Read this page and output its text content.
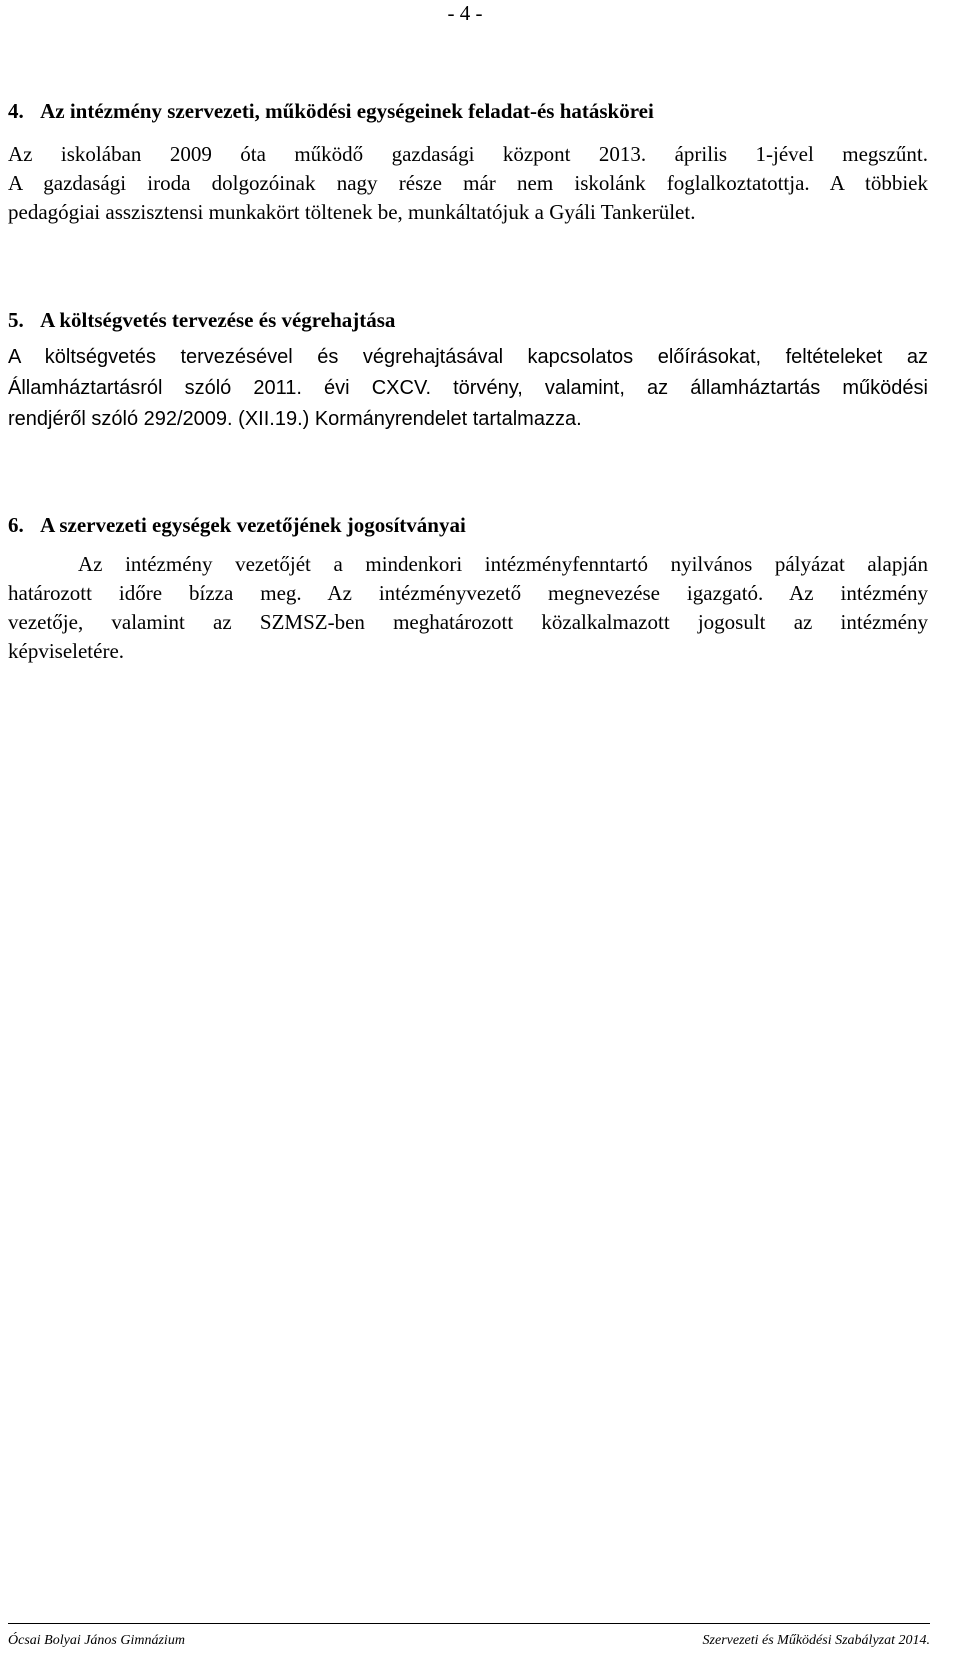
- 4 -
4. Az intézmény szervezeti, működési egységeinek feladat-és hatáskörei
Az iskolában 2009 óta működő gazdasági központ 2013. április 1-jével megszűnt.
A gazdasági iroda dolgozóinak nagy része már nem iskolánk foglalkoztatottja. A többiek
pedagógiai asszisztensi munkakört töltenek be, munkáltatójuk a Gyáli Tankerület.
5. A költségvetés tervezése és végrehajtása
A költségvetés tervezésével és végrehajtásával kapcsolatos előírásokat, feltételeket az
Államháztartásról szóló 2011. évi CXCV. törvény, valamint, az államháztartás működési
rendjéről szóló 292/2009. (XII.19.) Kormányrendelet tartalmazza.
6. A szervezeti egységek vezetőjének jogosítványai
Az intézmény vezetőjét a mindenkori intézményfenntartó nyilvános pályázat alapján
határozott időre bízza meg. Az intézményvezető megnevezése igazgató. Az intézmény
vezetője, valamint az SZMSZ-ben meghatározott közalkalmazott jogosult az intézmény
képviseletére.
Ócsai Bolyai János Gimnázium	Szervezeti és Működési Szabályzat 2014.
